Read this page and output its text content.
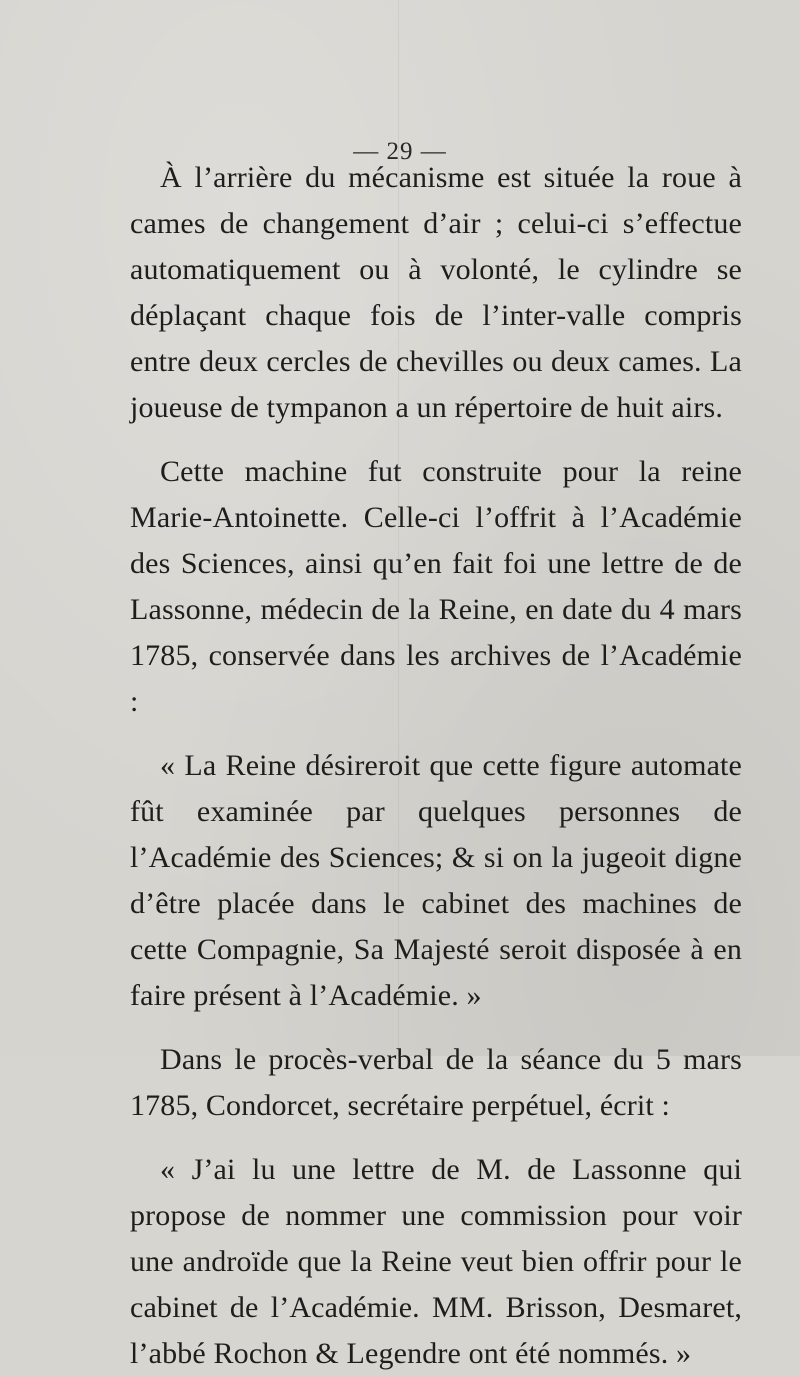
— 29 —

À l’arrière du mécanisme est située la roue à cames de changement d’air ; celui-ci s’effectue automatiquement ou à volonté, le cylindre se déplaçant chaque fois de l’inter-valle compris entre deux cercles de chevilles ou deux cames. La joueuse de tympanon a un répertoire de huit airs.

Cette machine fut construite pour la reine Marie-Antoinette. Celle-ci l’offrit à l’Académie des Sciences, ainsi qu’en fait foi une lettre de de Lassonne, médecin de la Reine, en date du 4 mars 1785, conservée dans les archives de l’Académie :

« La Reine désireroit que cette figure automate fût examinée par quelques personnes de l’Académie des Sciences; & si on la jugeoit digne d’être placée dans le cabinet des machines de cette Compagnie, Sa Majesté seroit disposée à en faire présent à l’Académie. »

Dans le procès-verbal de la séance du 5 mars 1785, Condorcet, secrétaire perpétuel, écrit :

« J’ai lu une lettre de M. de Lassonne qui propose de nommer une commission pour voir une androïde que la Reine veut bien offrir pour le cabinet de l’Académie. MM. Brisson, Desmaret, l’abbé Rochon & Legendre ont été nommés. »
